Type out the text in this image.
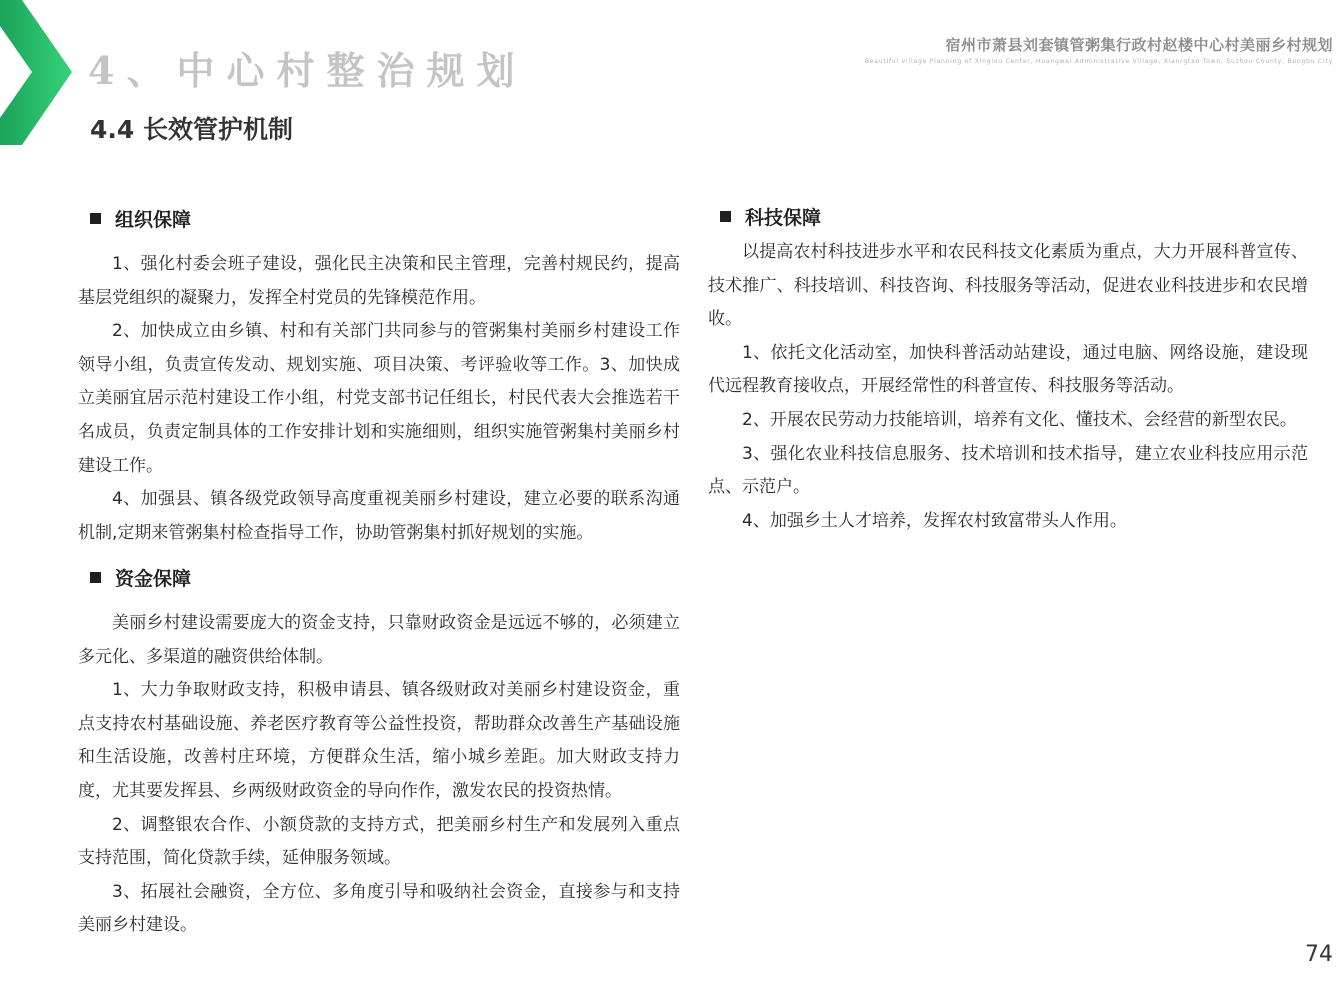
4、中心村整治规划
宿州市萧县刘套镇管粥集行政村赵楼中心村美丽乡村规划
Beautiful village Planning of Xinglou Center, Huangwei Administrative Village, Xianrgtao Town, Suzhou County, Bengbu City
4.4 长效管护机制
组织保障

1、强化村委会班子建设，强化民主决策和民主管理，完善村规民约，提高基层党组织的凝聚力，发挥全村党员的先锋模范作用。

2、加快成立由乡镇、村和有关部门共同参与的管粥集村美丽乡村建设工作领导小组，负责宣传发动、规划实施、项目决策、考评验收等工作。3、加快成立美丽宜居示范村建设工作小组，村党支部书记任组长，村民代表大会推选若干名成员，负责定制具体的工作安排计划和实施细则，组织实施管粥集村美丽乡村建设工作。

4、加强县、镇各级党政领导高度重视美丽乡村建设，建立必要的联系沟通机制,定期来管粥集村检查指导工作，协助管粥集村抓好规划的实施。

资金保障

美丽乡村建设需要庞大的资金支持，只靠财政资金是远远不够的，必须建立多元化、多渠道的融资供给体制。

1、大力争取财政支持，积极申请县、镇各级财政对美丽乡村建设资金，重点支持农村基础设施、养老医疗教育等公益性投资，帮助群众改善生产基础设施和生活设施，改善村庄环境，方便群众生活，缩小城乡差距。加大财政支持力度，尤其要发挥县、乡两级财政资金的导向作作，激发农民的投资热情。

2、调整银农合作、小额贷款的支持方式，把美丽乡村生产和发展列入重点支持范围，简化贷款手续，延伸服务领域。

3、拓展社会融资，全方位、多角度引导和吸纳社会资金，直接参与和支持美丽乡村建设。

科技保障

以提高农村科技进步水平和农民科技文化素质为重点，大力开展科普宣传、技术推广、科技培训、科技咨询、科技服务等活动，促进农业科技进步和农民增收。

1、依托文化活动室，加快科普活动站建设，通过电脑、网络设施，建设现代远程教育接收点，开展经常性的科普宣传、科技服务等活动。

2、开展农民劳动力技能培训，培养有文化、懂技术、会经营的新型农民。

3、强化农业科技信息服务、技术培训和技术指导，建立农业科技应用示范点、示范户。

4、加强乡土人才培养，发挥农村致富带头人作用。

74
